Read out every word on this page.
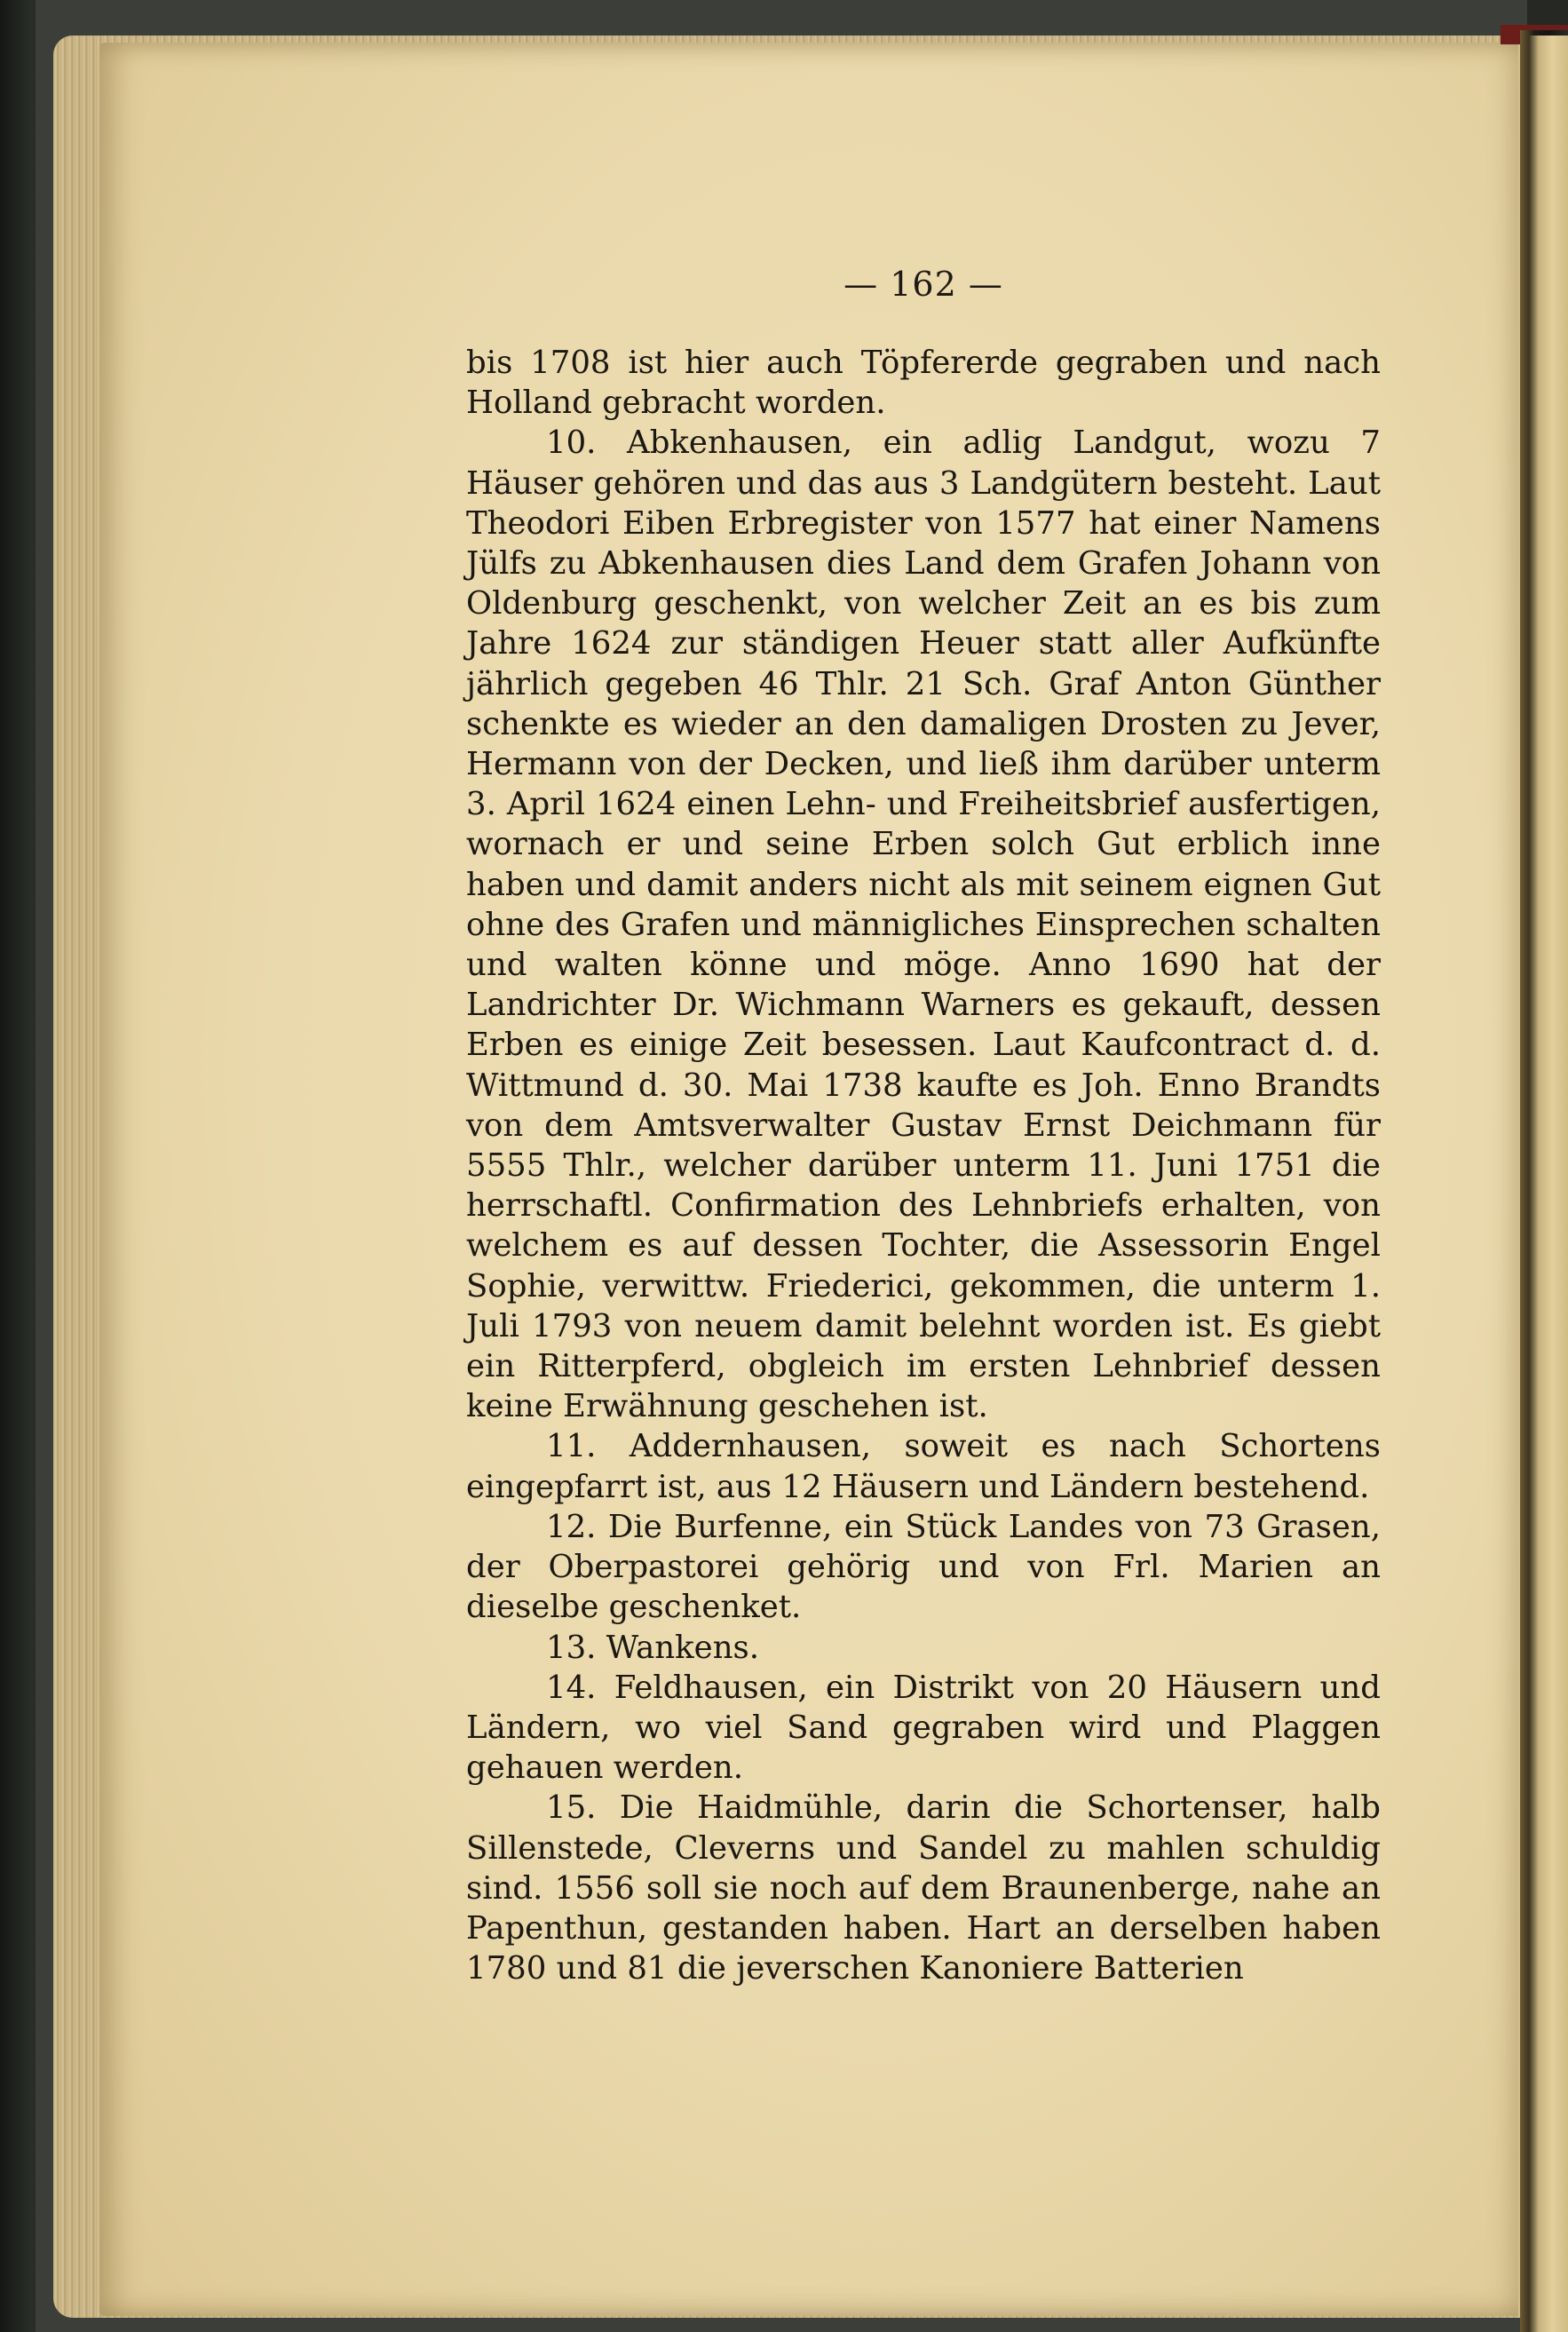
— 162 —

bis 1708 ist hier auch Töpfererde gegraben und nach Holland gebracht worden.

10. Abkenhausen, ein adlig Landgut, wozu 7 Häuser gehören und das aus 3 Landgütern besteht. Laut Theodori Eiben Erbregister von 1577 hat einer Namens Jülfs zu Abkenhausen dies Land dem Grafen Johann von Oldenburg geschenkt, von welcher Zeit an es bis zum Jahre 1624 zur ständigen Heuer statt aller Aufkünfte jährlich gegeben 46 Thlr. 21 Sch. Graf Anton Günther schenkte es wieder an den damaligen Drosten zu Jever, Hermann von der Decken, und ließ ihm darüber unterm 3. April 1624 einen Lehn- und Freiheitsbrief ausfertigen, wornach er und seine Erben solch Gut erblich inne haben und damit anders nicht als mit seinem eignen Gut ohne des Grafen und männigliches Einsprechen schalten und walten könne und möge. Anno 1690 hat der Landrichter Dr. Wichmann Warners es gekauft, dessen Erben es einige Zeit besessen. Laut Kaufcontract d. d. Wittmund d. 30. Mai 1738 kaufte es Joh. Enno Brandts von dem Amtsverwalter Gustav Ernst Deichmann für 5555 Thlr., welcher darüber unterm 11. Juni 1751 die herrschaftl. Confirmation des Lehnbriefs erhalten, von welchem es auf dessen Tochter, die Assessorin Engel Sophie, verwittw. Friederici, gekommen, die unterm 1. Juli 1793 von neuem damit belehnt worden ist. Es giebt ein Ritterpferd, obgleich im ersten Lehnbrief dessen keine Erwähnung geschehen ist.

11. Addernhausen, soweit es nach Schortens eingepfarrt ist, aus 12 Häusern und Ländern bestehend.

12. Die Burfenne, ein Stück Landes von 73 Grasen, der Oberpastorei gehörig und von Frl. Marien an dieselbe geschenket.

13. Wankens.

14. Feldhausen, ein Distrikt von 20 Häusern und Ländern, wo viel Sand gegraben wird und Plaggen gehauen werden.

15. Die Haidmühle, darin die Schortenser, halb Sillenstede, Cleverns und Sandel zu mahlen schuldig sind. 1556 soll sie noch auf dem Braunenberge, nahe an Papenthun, gestanden haben. Hart an derselben haben 1780 und 81 die jeverschen Kanoniere Batterien
